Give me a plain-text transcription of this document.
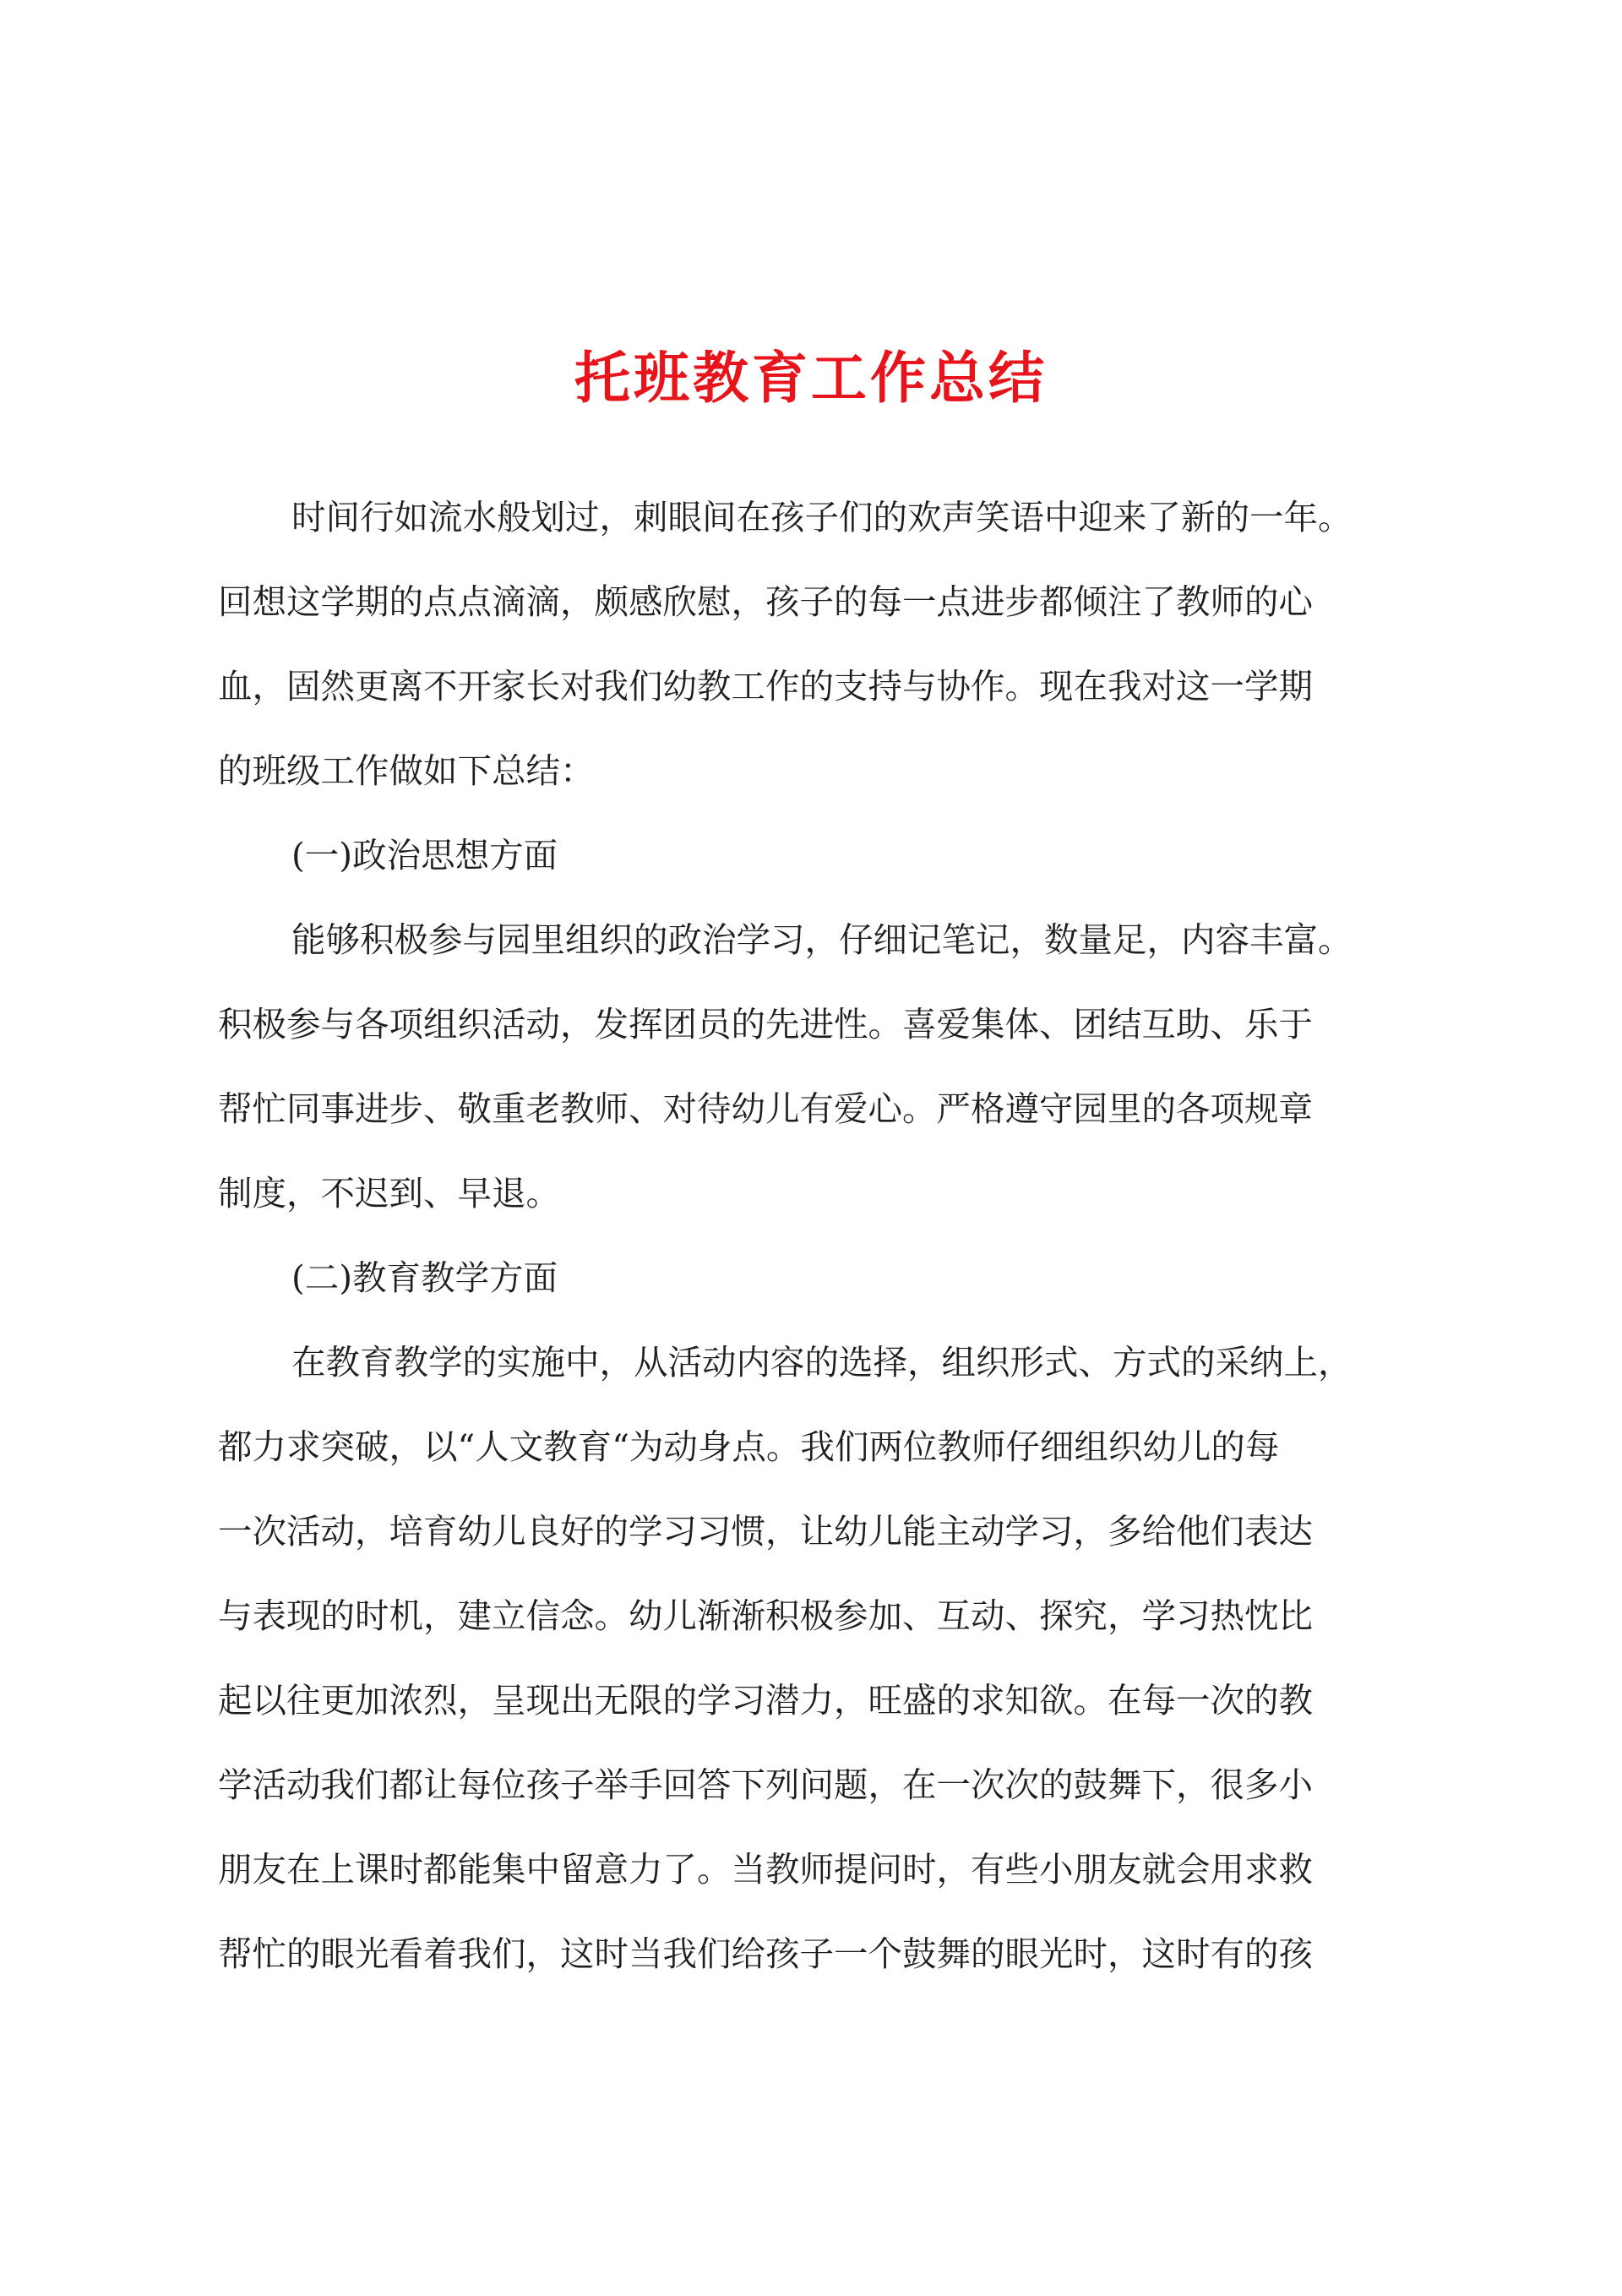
托班教育工作总结

时间行如流水般划过，刺眼间在孩子们的欢声笑语中迎来了新的一年。

回想这学期的点点滴滴，颇感欣慰，孩子的每一点进步都倾注了教师的心

血，固然更离不开家长对我们幼教工作的支持与协作。现在我对这一学期

的班级工作做如下总结：

(一)政治思想方面

能够积极参与园里组织的政治学习，仔细记笔记，数量足，内容丰富。

积极参与各项组织活动，发挥团员的先进性。喜爱集体、团结互助、乐于

帮忙同事进步、敬重老教师、对待幼儿有爱心。严格遵守园里的各项规章

制度，不迟到、早退。

(二)教育教学方面

在教育教学的实施中，从活动内容的选择，组织形式、方式的采纳上，

都力求突破，以“人文教育“为动身点。我们两位教师仔细组织幼儿的每

一次活动，培育幼儿良好的学习习惯，让幼儿能主动学习，多给他们表达

与表现的时机，建立信念。幼儿渐渐积极参加、互动、探究，学习热忱比

起以往更加浓烈，呈现出无限的学习潜力，旺盛的求知欲。在每一次的教

学活动我们都让每位孩子举手回答下列问题，在一次次的鼓舞下，很多小

朋友在上课时都能集中留意力了。当教师提问时，有些小朋友就会用求救

帮忙的眼光看着我们，这时当我们给孩子一个鼓舞的眼光时，这时有的孩
